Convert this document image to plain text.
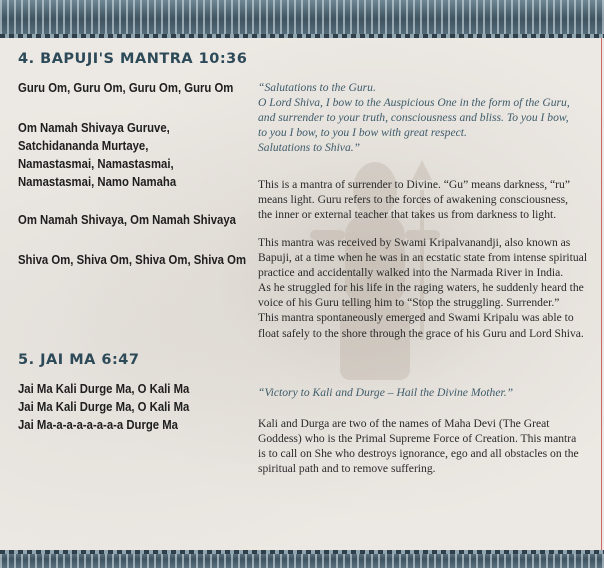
4. BAPUJI'S MANTRA 10:36
Guru Om, Guru Om, Guru Om, Guru Om
Om Namah Shivaya Guruve,
Satchidananda Murtaye,
Namastasmai, Namastasmai,
Namastasmai, Namo Namaha
Om Namah Shivaya, Om Namah Shivaya
Shiva Om, Shiva Om, Shiva Om, Shiva Om
“Salutations to the Guru.
O Lord Shiva, I bow to the Auspicious One in the form of the Guru,
and surrender to your truth, consciousness and bliss. To you I bow,
to you I bow, to you I bow with great respect.
Salutations to Shiva.”
This is a mantra of surrender to Divine. “Gu” means darkness, “ru”
means light. Guru refers to the forces of awakening consciousness,
the inner or external teacher that takes us from darkness to light.
This mantra was received by Swami Kripalvanandji, also known as
Bapuji, at a time when he was in an ecstatic state from intense spiritual
practice and accidentally walked into the Narmada River in India.
As he struggled for his life in the raging waters, he suddenly heard the
voice of his Guru telling him to “Stop the struggling. Surrender.”
This mantra spontaneously emerged and Swami Kripalu was able to
float safely to the shore through the grace of his Guru and Lord Shiva.
5. JAI MA 6:47
Jai Ma Kali Durge Ma, O Kali Ma
Jai Ma Kali Durge Ma, O Kali Ma
Jai Ma-a-a-a-a-a-a-a Durge Ma
“Victory to Kali and Durge – Hail the Divine Mother.”
Kali and Durga are two of the names of Maha Devi (The Great
Goddess) who is the Primal Supreme Force of Creation. This mantra
is to call on She who destroys ignorance, ego and all obstacles on the
spiritual path and to remove suffering.
